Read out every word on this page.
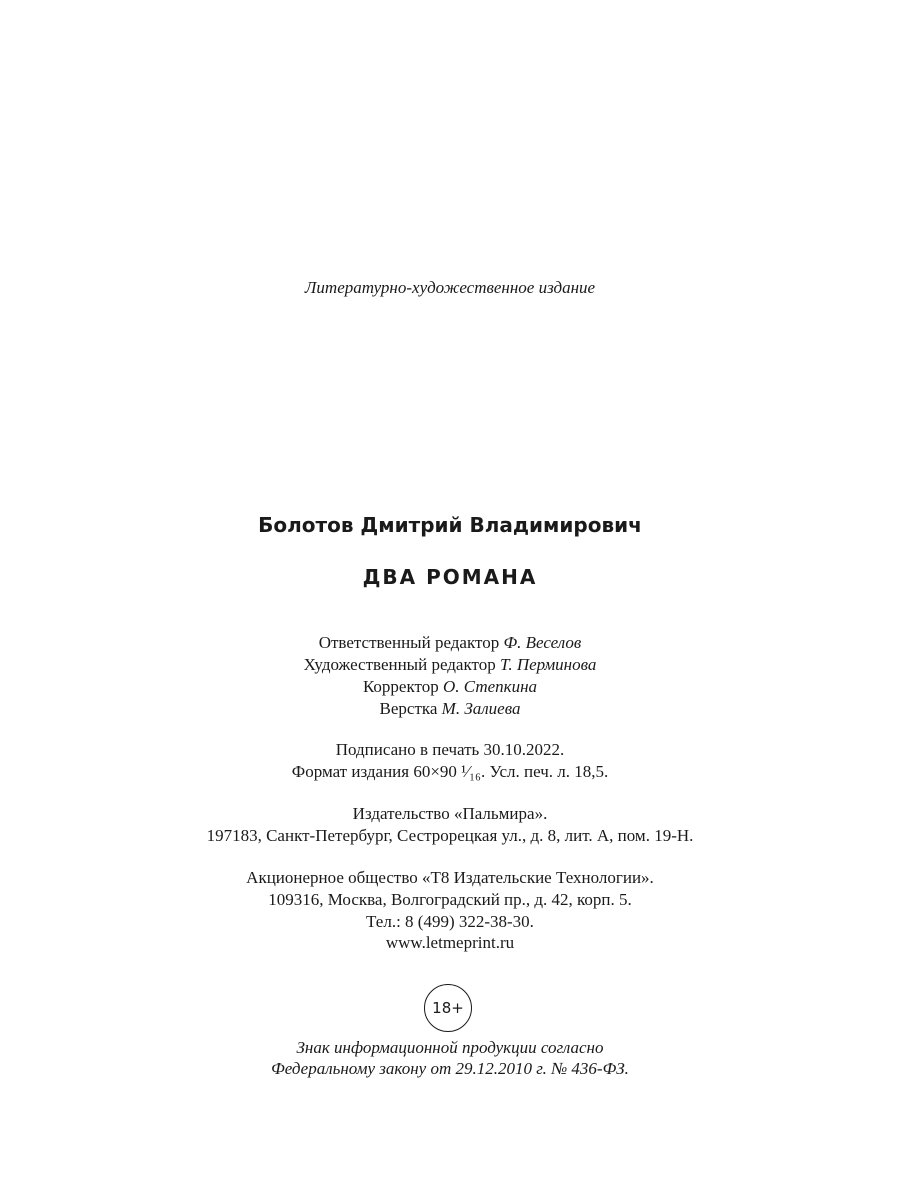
Литературно-художественное издание
Болотов Дмитрий Владимирович
ДВА РОМАНА
Ответственный редактор Ф. Веселов
Художественный редактор Т. Перминова
Корректор О. Степкина
Верстка М. Залиева
Подписано в печать 30.10.2022.
Формат издания 60×90 ¹⁄₁₆. Усл. печ. л. 18,5.
Издательство «Пальмира».
197183, Санкт-Петербург, Сестрорецкая ул., д. 8, лит. А, пом. 19-Н.
Акционерное общество «Т8 Издательские Технологии».
109316, Москва, Волгоградский пр., д. 42, корп. 5.
Тел.: 8 (499) 322-38-30.
www.letmeprint.ru
18+
Знак информационной продукции согласно
Федеральному закону от 29.12.2010 г. № 436-ФЗ.
